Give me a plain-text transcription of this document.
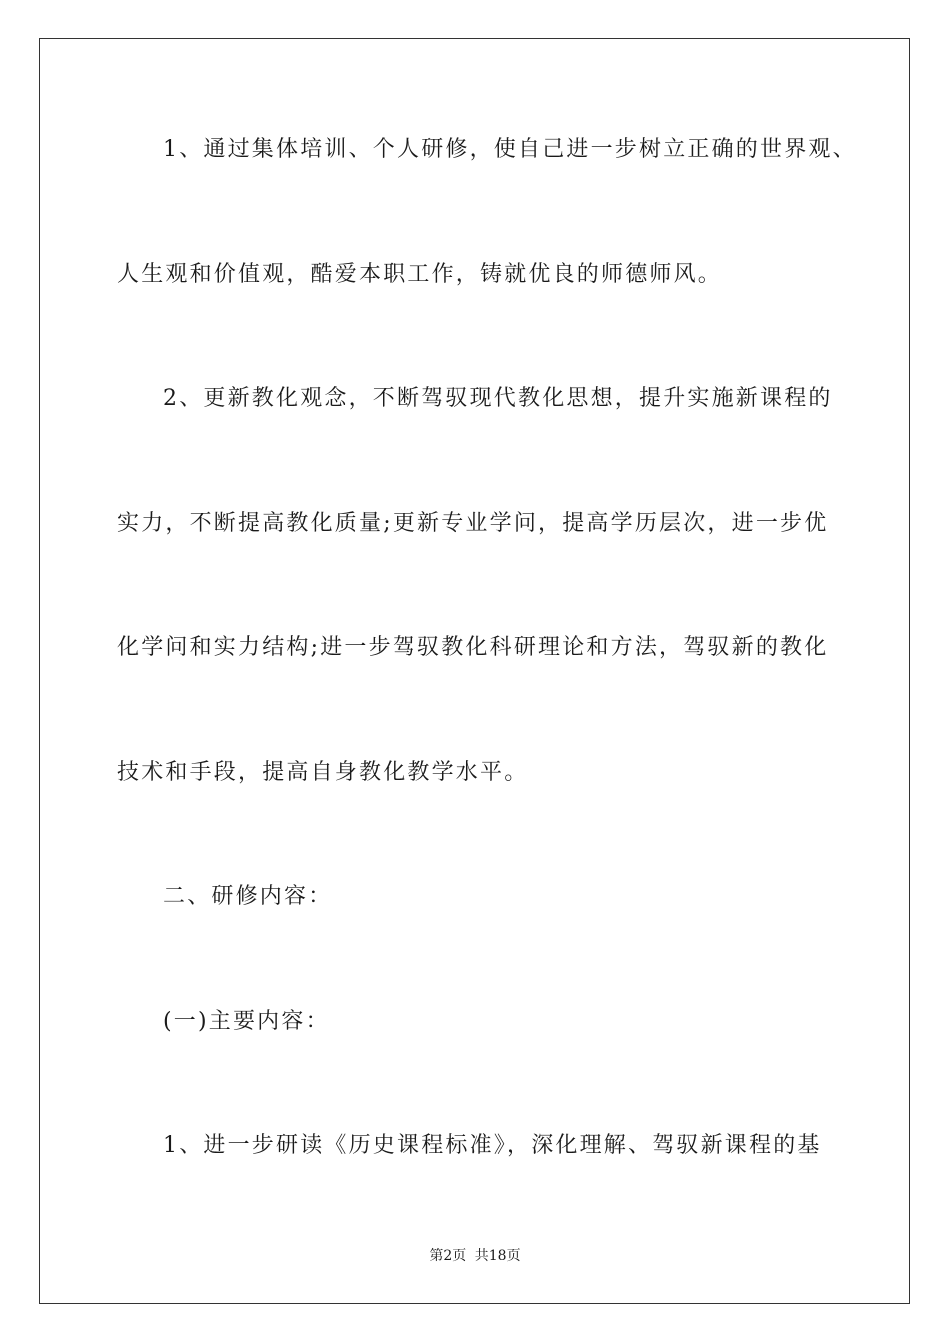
1、通过集体培训、个人研修，使自己进一步树立正确的世界观、
人生观和价值观，酷爱本职工作，铸就优良的师德师风。
2、更新教化观念，不断驾驭现代教化思想，提升实施新课程的
实力，不断提高教化质量;更新专业学问，提高学历层次，进一步优
化学问和实力结构;进一步驾驭教化科研理论和方法，驾驭新的教化
技术和手段，提高自身教化教学水平。
二、研修内容：
(一)主要内容：
1、进一步研读《历史课程标准》，深化理解、驾驭新课程的基
第2页 共18页
